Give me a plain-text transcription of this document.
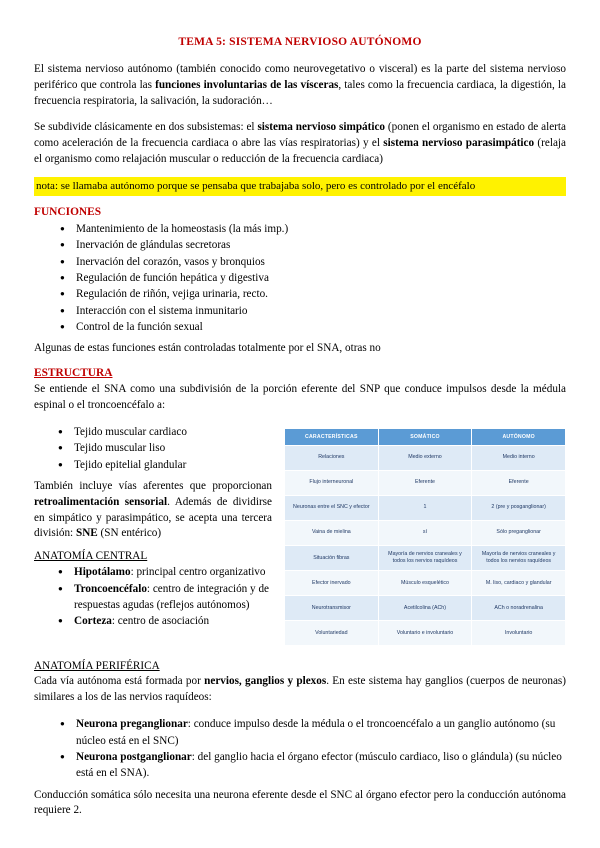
TEMA 5: SISTEMA NERVIOSO AUTÓNOMO

El sistema nervioso autónomo (también conocido como neurovegetativo o visceral) es la parte del sistema nervioso periférico que controla las funciones involuntarias de las vísceras, tales como la frecuencia cardiaca, la digestión, la frecuencia respiratoria, la salivación, la sudoración…

Se subdivide clásicamente en dos subsistemas: el sistema nervioso simpático (ponen el organismo en estado de alerta como aceleración de la frecuencia cardiaca o abre las vías respiratorias) y el sistema nervioso parasimpático (relaja el organismo como relajación muscular o reducción de la frecuencia cardiaca)

nota: se llamaba autónomo porque se pensaba que trabajaba solo, pero es controlado por el encéfalo
FUNCIONES
● Mantenimiento de la homeostasis (la más imp.)
● Inervación de glándulas secretoras
● Inervación del corazón, vasos y bronquios
● Regulación de función hepática y digestiva
● Regulación de riñón, vejiga urinaria, recto.
● Interacción con el sistema inmunitario
● Control de la función sexual
Algunas de estas funciones están controladas totalmente por el SNA, otras no
ESTRUCTURA

Se entiende el SNA como una subdivisión de la porción eferente del SNP que conduce impulsos desde la médula espinal o el troncoencéfalo a:

CARACTERÍSTICAS	SOMÁTICO	AUTÓNOMO
Relaciones	Medio externo	Medio interno
Flujo interneuronal	Eferente	Eferente
Neuronas entre el SNC y efector	1	2 (pre y posganglionar)
Vaina de mielina	sí	Sólo preganglionar
Situación fibras	Mayoría de nervios craneales y todos los nervios raquídeos	Mayoría de nervios craneales y todos los nervios raquídeos
Efector inervado	Músculo esquelético	M. liso, cardiaco y glandular
Neurotransmisor	Acetilcolina (ACh)	ACh o noradrenalina
Voluntariedad	Voluntario e involuntario	Involuntario
● Tejido muscular cardiaco
● Tejido muscular liso
● Tejido epitelial glandular

También incluye vías aferentes que proporcionan retroalimentación sensorial. Además de dividirse en simpático y parasimpático, se acepta una tercera división: SNE (SN entérico)

ANATOMÍA CENTRAL
● Hipotálamo: principal centro organizativo
● Troncoencéfalo: centro de integración y de respuestas agudas (reflejos autónomos)
● Corteza: centro de asociación
ANATOMÍA PERIFÉRICA

Cada vía autónoma está formada por nervios, ganglios y plexos. En este sistema hay ganglios (cuerpos de neuronas) similares a los de las nervios raquídeos:

● Neurona preganglionar: conduce impulso desde la médula o el troncoencéfalo a un ganglio autónomo (su núcleo está en el SNC)
● Neurona postganglionar: del ganglio hacia el órgano efector (músculo cardiaco, liso o glándula) (su núcleo está en el SNA).

Conducción somática sólo necesita una neurona eferente desde el SNC al órgano efector pero la conducción autónoma requiere 2.
